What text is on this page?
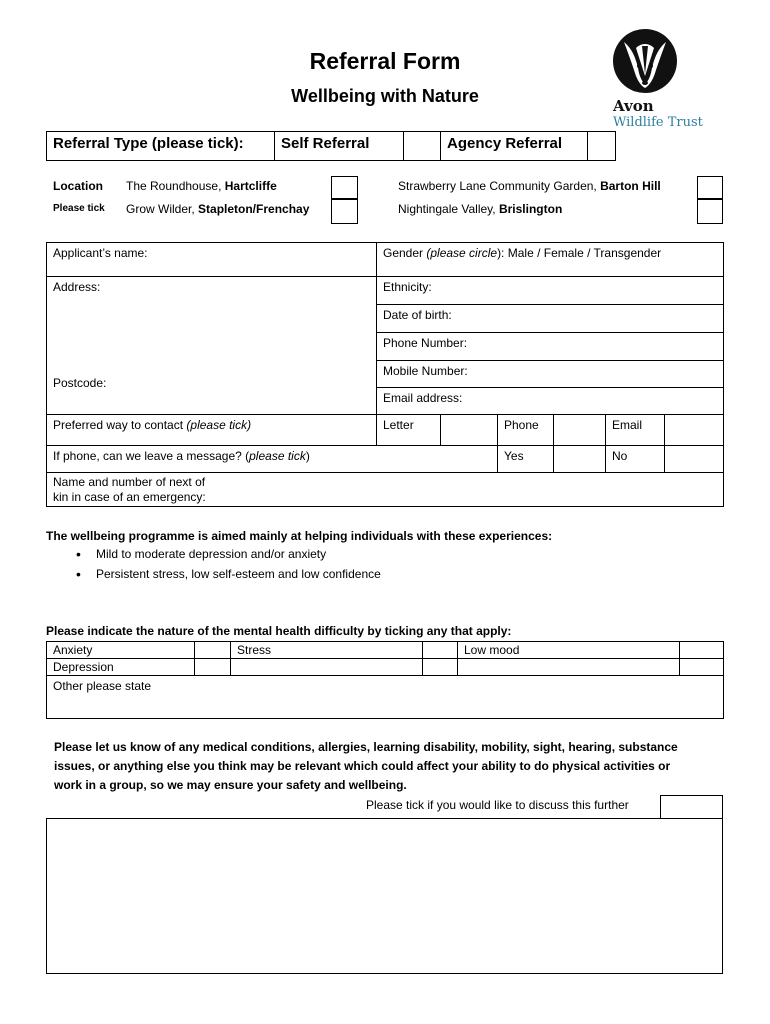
Referral Form
Wellbeing with Nature	Avon
Wildlife Trust
Referral Type (please tick):	Self Referral	Agency Referral
Location
Please tick
The Roundhouse, Hartcliffe
Grow Wilder, Stapleton/Frenchay
Strawberry Lane Community Garden, Barton Hill
Nightingale Valley, Brislington
Applicant’s name:	Gender (please circle): Male / Female / Transgender
Address:
Postcode:
Ethnicity:
Date of birth:
Phone Number:
Mobile Number:
Email address:
Preferred way to contact (please tick)	Letter	Phone	Email
If phone, can we leave a message? (please tick)	Yes	No
Name and number of next of
kin in case of an emergency:
The wellbeing programme is aimed mainly at helping individuals with these experiences:
• Mild to moderate depression and/or anxiety
• Persistent stress, low self-esteem and low confidence
Please indicate the nature of the mental health difficulty by ticking any that apply:
Anxiety	Stress	Low mood
Depression
Other please state
Please let us know of any medical conditions, allergies, learning disability, mobility, sight, hearing, substance
issues, or anything else you think may be relevant which could affect your ability to do physical activities or
work in a group, so we may ensure your safety and wellbeing.
Please tick if you would like to discuss this further
